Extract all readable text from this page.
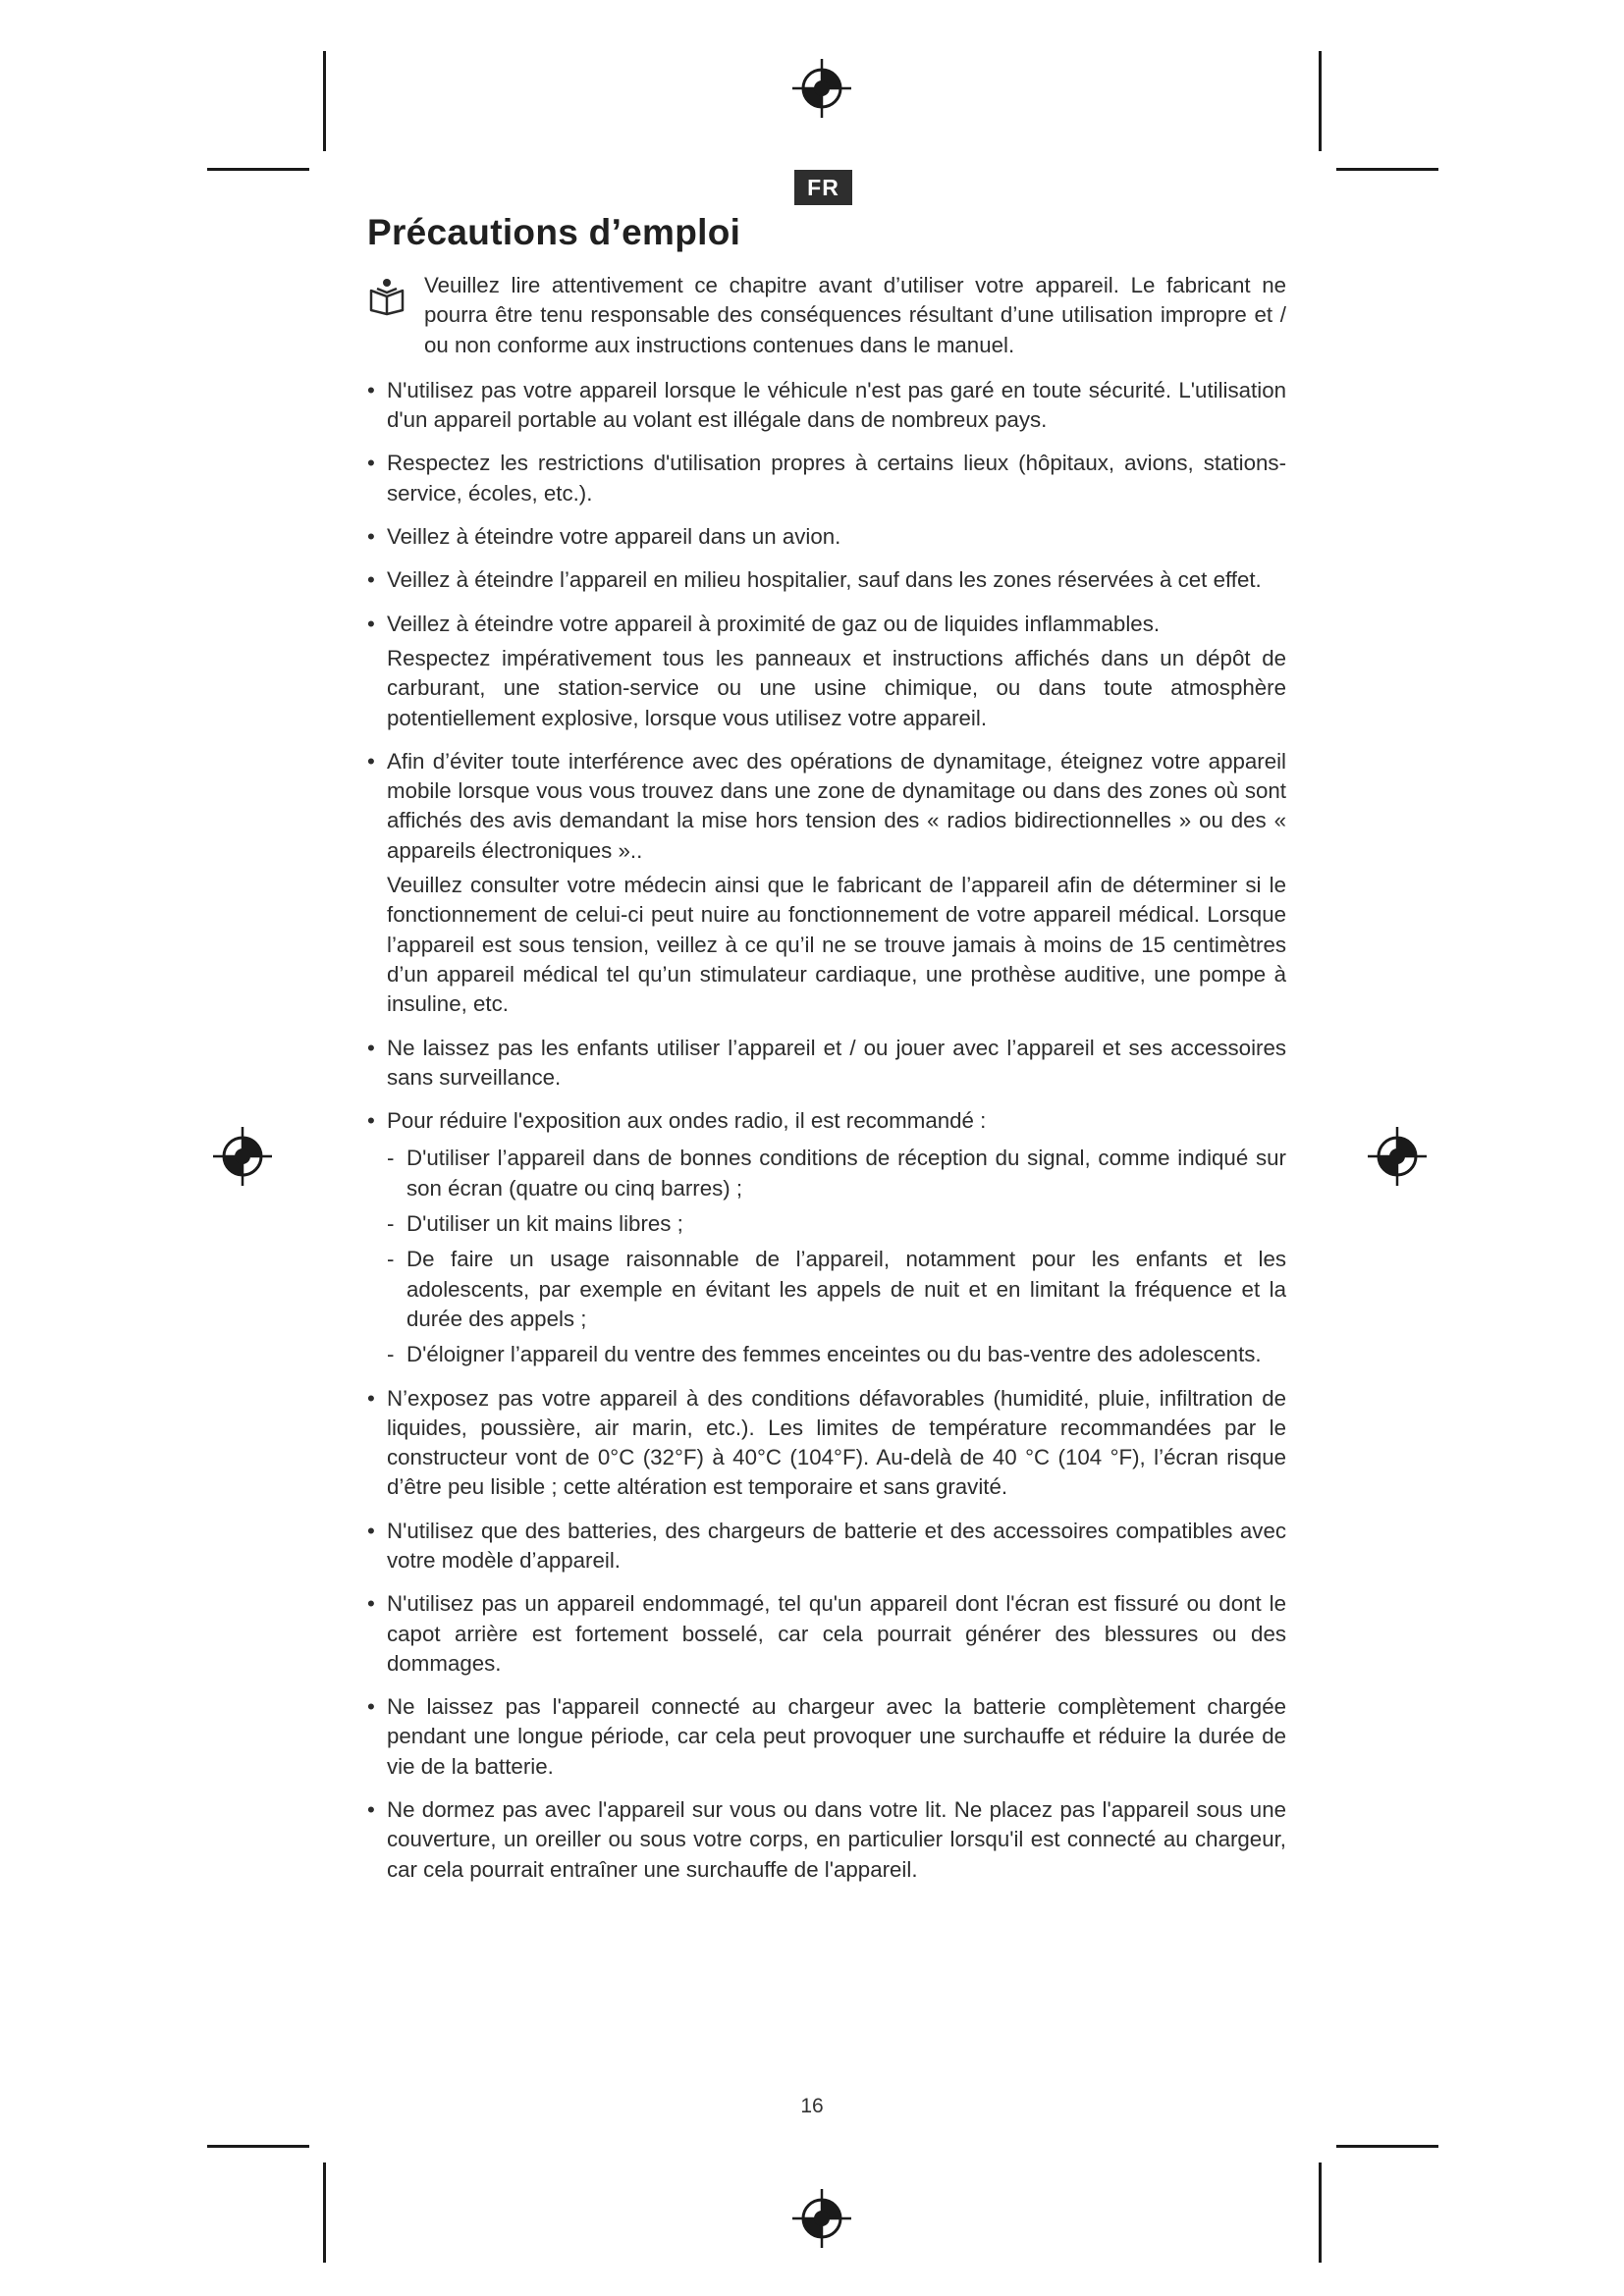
FR
Précautions d’emploi

Veuillez lire attentivement ce chapitre avant d’utiliser votre appareil. Le fabricant ne pourra être tenu responsable des conséquences résultant d’une utilisation impropre et / ou non conforme aux instructions contenues dans le manuel.

• N'utilisez pas votre appareil lorsque le véhicule n'est pas garé en toute sécurité. L'utilisation d'un appareil portable au volant est illégale dans de nombreux pays.

• Respectez les restrictions d'utilisation propres à certains lieux (hôpitaux, avions, stations-service, écoles, etc.).

• Veillez à éteindre votre appareil dans un avion.

• Veillez à éteindre l’appareil en milieu hospitalier, sauf dans les zones réservées à cet effet.

• Veillez à éteindre votre appareil à proximité de gaz ou de liquides inflammables.

Respectez impérativement tous les panneaux et instructions affichés dans un dépôt de carburant, une station-service ou une usine chimique, ou dans toute atmosphère potentiellement explosive, lorsque vous utilisez votre appareil.

• Afin d’éviter toute interférence avec des opérations de dynamitage, éteignez votre appareil mobile lorsque vous vous trouvez dans une zone de dynamitage ou dans des zones où sont affichés des avis demandant la mise hors tension des « radios bidirectionnelles » ou des « appareils électroniques »..

Veuillez consulter votre médecin ainsi que le fabricant de l’appareil afin de déterminer si le fonctionnement de celui-ci peut nuire au fonctionnement de votre appareil médical. Lorsque l’appareil est sous tension, veillez à ce qu’il ne se trouve jamais à moins de 15 centimètres d’un appareil médical tel qu’un stimulateur cardiaque, une prothèse auditive, une pompe à insuline, etc.

• Ne laissez pas les enfants utiliser l’appareil et / ou jouer avec l’appareil et ses accessoires sans surveillance.

• Pour réduire l'exposition aux ondes radio, il est recommandé :

- D'utiliser l’appareil dans de bonnes conditions de réception du signal, comme indiqué sur son écran (quatre ou cinq barres) ;
- D'utiliser un kit mains libres ;
- De faire un usage raisonnable de l’appareil, notamment pour les enfants et les adolescents, par exemple en évitant les appels de nuit et en limitant la fréquence et la durée des appels ;
- D'éloigner l’appareil du ventre des femmes enceintes ou du bas-ventre des adolescents.
• N’exposez pas votre appareil à des conditions défavorables (humidité, pluie, infiltration de liquides, poussière, air marin, etc.). Les limites de température recommandées par le constructeur vont de 0°C (32°F) à 40°C (104°F). Au-delà de 40 °C (104 °F), l’écran risque d’être peu lisible ; cette altération est temporaire et sans gravité.

• N'utilisez que des batteries, des chargeurs de batterie et des accessoires compatibles avec votre modèle d’appareil.

• N'utilisez pas un appareil endommagé, tel qu'un appareil dont l'écran est fissuré ou dont le capot arrière est fortement bosselé, car cela pourrait générer des blessures ou des dommages.

• Ne laissez pas l'appareil connecté au chargeur avec la batterie complètement chargée pendant une longue période, car cela peut provoquer une surchauffe et réduire la durée de vie de la batterie.

• Ne dormez pas avec l'appareil sur vous ou dans votre lit. Ne placez pas l'appareil sous une couverture, un oreiller ou sous votre corps, en particulier lorsqu'il est connecté au chargeur, car cela pourrait entraîner une surchauffe de l'appareil.

16
